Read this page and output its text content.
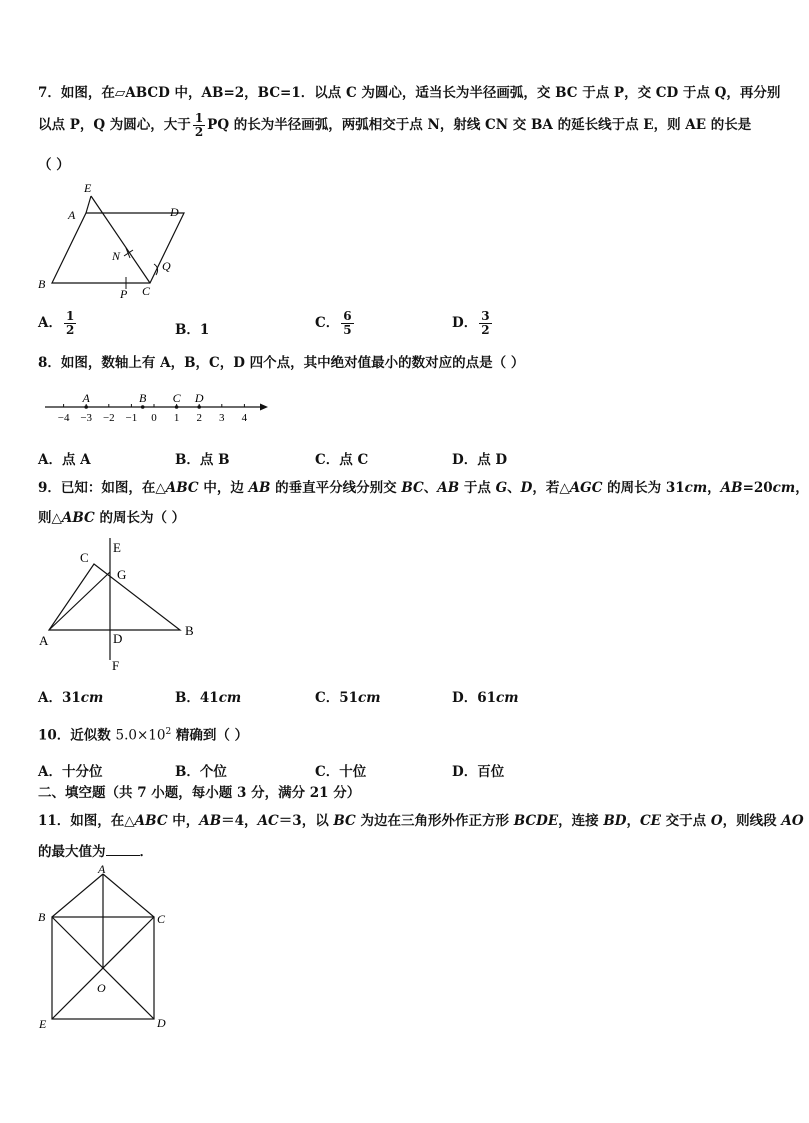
7．如图，在▱ABCD 中，AB=2，BC=1．以点 C 为圆心，适当长为半径画弧，交 BC 于点 P，交 CD 于点 Q，再分别
以点 P，Q 为圆心，大于 $\frac{1}{2}$ PQ 的长为半径画弧，两弧相交于点 N，射线 CN 交 BA 的延长线于点 E，则 AE 的长是
（ ）
E
A	D
N
Q
B
P C
A． $\frac{1}{2}$	B．1	C． $\frac{6}{5}$	D． $\frac{3}{2}$
8．如图，数轴上有 A，B，C，D 四个点，其中绝对值最小的数对应的点是（ ）
−4 −3 −2 −1 0 1 2 3 4
A	B C D
A．点 A	B．点 B	C．点 C	D．点 D
9．已知：如图，在△ABC 中，边 AB 的垂直平分线分别交 BC、AB 于点 G、D，若△AGC 的周长为 31cm，AB=20cm，
则△ABC 的周长为（ ）
C
E
G
A	D
B
F
A．31cm	B．41cm	C．51cm	D．61cm
10．近似数 $5.0\times 10^2$ 精确到（ ）
A．十分位	B．个位	C．十位	D．百位
二、填空题（共 7 小题，每小题 3 分，满分 21 分）
11．如图，在△ABC 中，AB＝4，AC＝3，以 BC 为边在三角形外作正方形 BCDE，连接 BD，CE 交于点 O，则线段 AO
的最大值为	．
A
B	C
O
E	D
